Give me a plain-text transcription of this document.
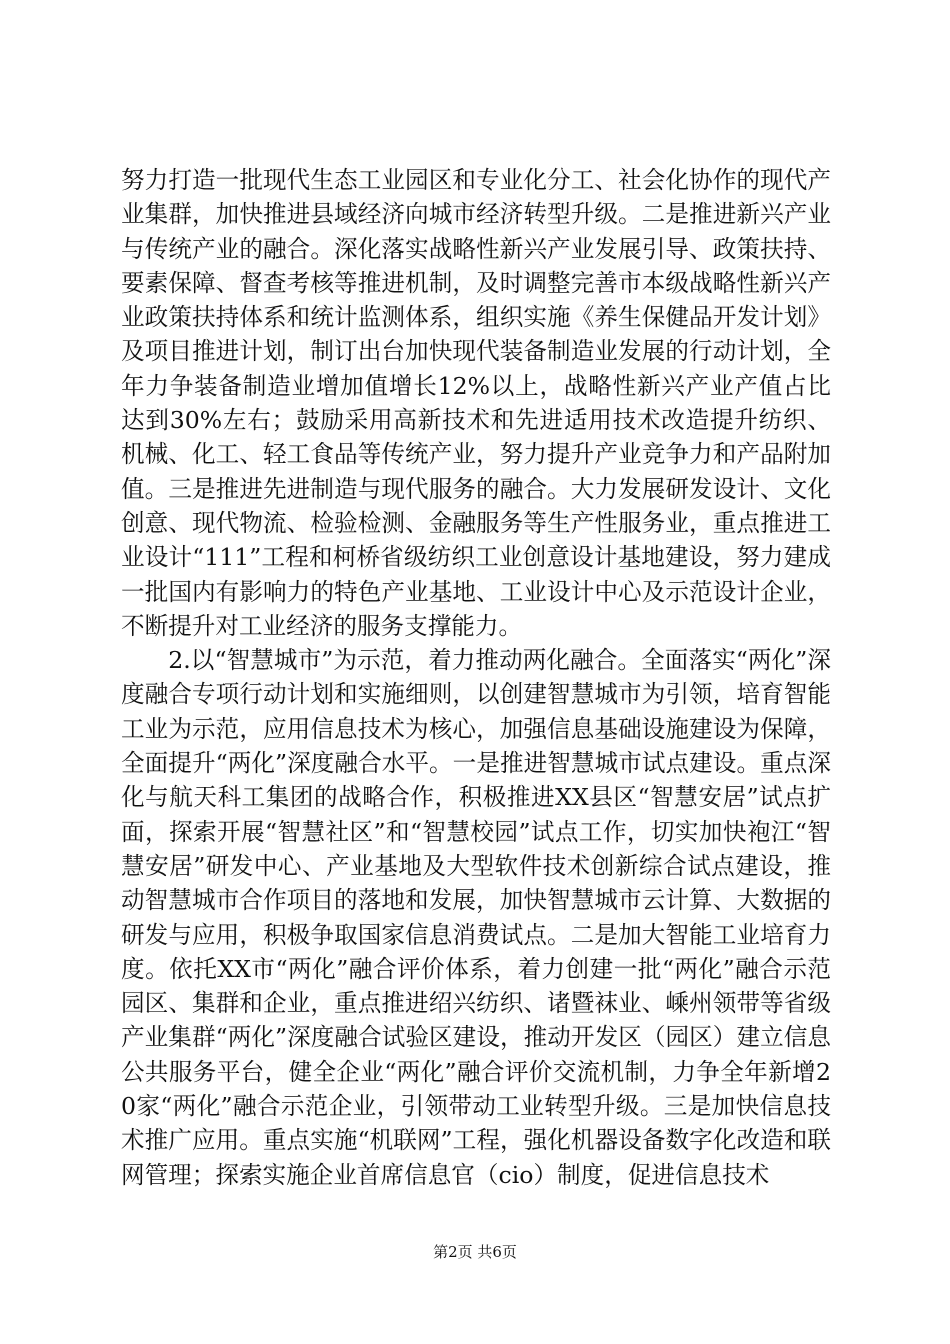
努力打造一批现代生态工业园区和专业化分工、社会化协作的现代产业集群，加快推进县域经济向城市经济转型升级。二是推进新兴产业与传统产业的融合。深化落实战略性新兴产业发展引导、政策扶持、要素保障、督查考核等推进机制，及时调整完善市本级战略性新兴产业政策扶持体系和统计监测体系，组织实施《养生保健品开发计划》及项目推进计划，制订出台加快现代装备制造业发展的行动计划，全年力争装备制造业增加值增长12%以上，战略性新兴产业产值占比达到30%左右；鼓励采用高新技术和先进适用技术改造提升纺织、机械、化工、轻工食品等传统产业，努力提升产业竞争力和产品附加值。三是推进先进制造与现代服务的融合。大力发展研发设计、文化创意、现代物流、检验检测、金融服务等生产性服务业，重点推进工业设计“111”工程和柯桥省级纺织工业创意设计基地建设，努力建成一批国内有影响力的特色产业基地、工业设计中心及示范设计企业，不断提升对工业经济的服务支撑能力。

2.以“智慧城市”为示范，着力推动两化融合。全面落实“两化”深度融合专项行动计划和实施细则，以创建智慧城市为引领，培育智能工业为示范，应用信息技术为核心，加强信息基础设施建设为保障，全面提升“两化”深度融合水平。一是推进智慧城市试点建设。重点深化与航天科工集团的战略合作，积极推进XX县区“智慧安居”试点扩面，探索开展“智慧社区”和“智慧校园”试点工作，切实加快袍江“智慧安居”研发中心、产业基地及大型软件技术创新综合试点建设，推动智慧城市合作项目的落地和发展，加快智慧城市云计算、大数据的研发与应用，积极争取国家信息消费试点。二是加大智能工业培育力度。依托XX市“两化”融合评价体系，着力创建一批“两化”融合示范园区、集群和企业，重点推进绍兴纺织、诸暨袜业、嵊州领带等省级产业集群“两化”深度融合试验区建设，推动开发区（园区）建立信息公共服务平台，健全企业“两化”融合评价交流机制，力争全年新增20家“两化”融合示范企业，引领带动工业转型升级。三是加快信息技术推广应用。重点实施“机联网”工程，强化机器设备数字化改造和联网管理；探索实施企业首席信息官（cio）制度，促进信息技术

第2页 共6页
